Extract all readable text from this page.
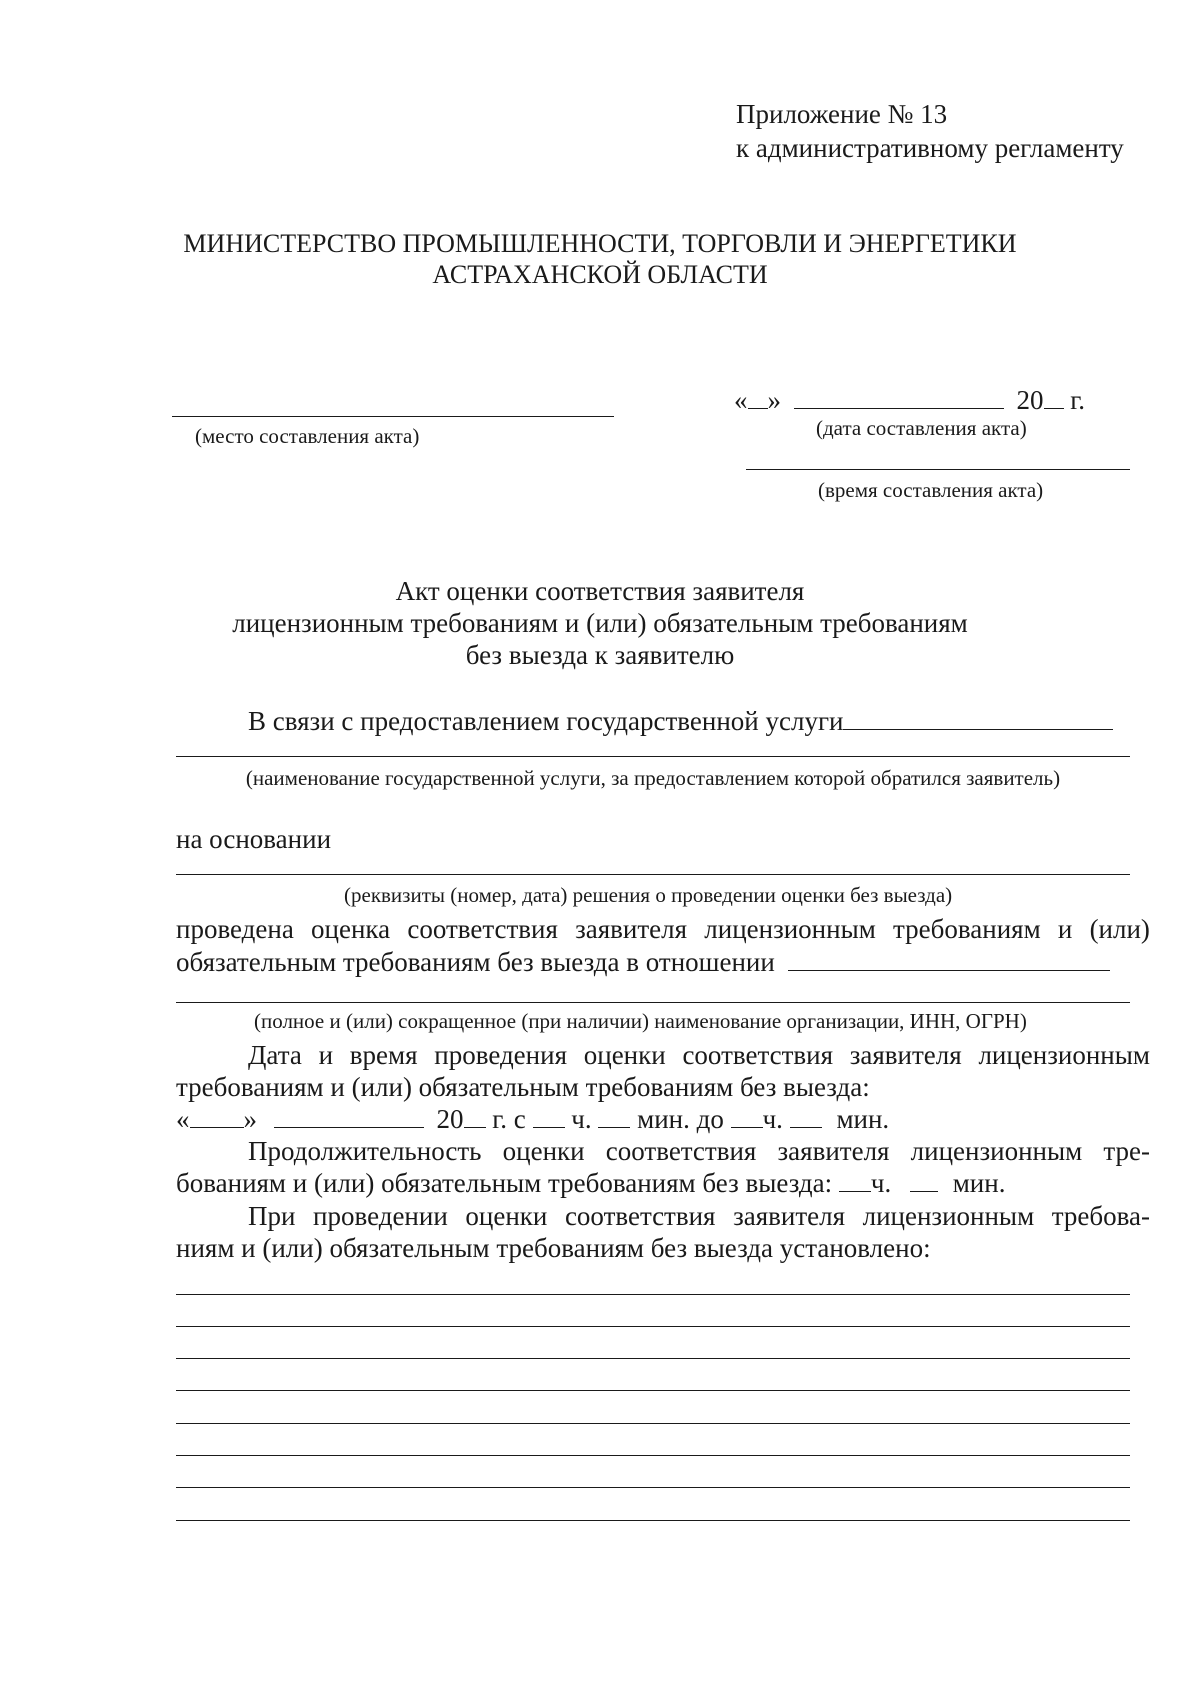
Приложение № 13
к административному регламенту
МИНИСТЕРСТВО ПРОМЫШЛЕННОСТИ, ТОРГОВЛИ И ЭНЕРГЕТИКИ
АСТРАХАНСКОЙ ОБЛАСТИ
(место составления акта)
« »	20 г.
(дата составления акта)
(время составления акта)
Акт оценки соответствия заявителя
лицензионным требованиям и (или) обязательным требованиям
без выезда к заявителю
В связи с предоставлением государственной услуги
(наименование государственной услуги, за предоставлением которой обратился заявитель)
на основании
(реквизиты (номер, дата) решения о проведении оценки без выезда)
проведена оценка соответствия заявителя лицензионным требованиям и (или)
обязательным требованиям без выезда в отношении
(полное и (или) сокращенное (при наличии) наименование организации, ИНН, ОГРН)
Дата и время проведения оценки соответствия заявителя лицензионным
требованиям и (или) обязательным требованиям без выезда:
« »	20 г. с ч. мин. до ч. мин.
Продолжительность оценки соответствия заявителя лицензионным тре-
бованиям и (или) обязательным требованиям без выезда: ч. мин.
При проведении оценки соответствия заявителя лицензионным требова-
ниям и (или) обязательным требованиям без выезда установлено:
